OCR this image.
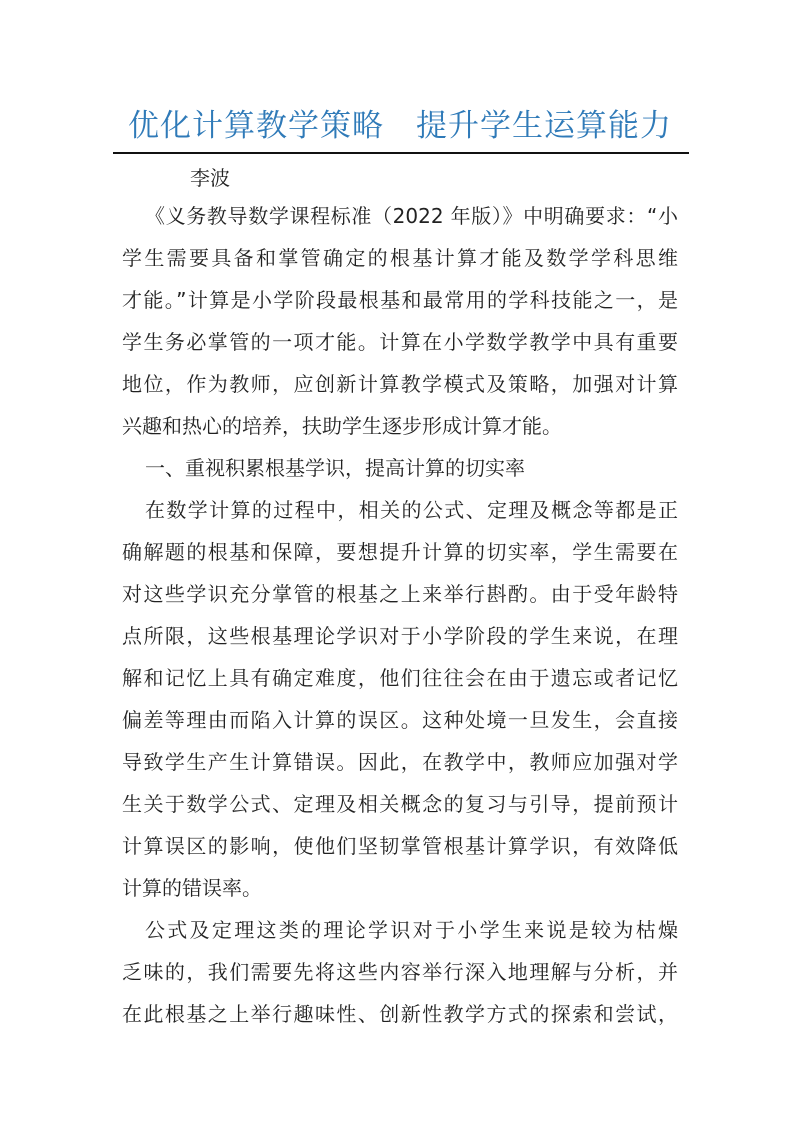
优化计算教学策略　提升学生运算能力
李波
《义务教导数学课程标准（2022 年版）》中明确要求：“小
学生需要具备和掌管确定的根基计算才能及数学学科思维
才能。”计算是小学阶段最根基和最常用的学科技能之一，是
学生务必掌管的一项才能。计算在小学数学教学中具有重要
地位，作为教师，应创新计算教学模式及策略，加强对计算
兴趣和热心的培养，扶助学生逐步形成计算才能。
一、重视积累根基学识，提高计算的切实率
在数学计算的过程中，相关的公式、定理及概念等都是正
确解题的根基和保障，要想提升计算的切实率，学生需要在
对这些学识充分掌管的根基之上来举行斟酌。由于受年龄特
点所限，这些根基理论学识对于小学阶段的学生来说，在理
解和记忆上具有确定难度，他们往往会在由于遗忘或者记忆
偏差等理由而陷入计算的误区。这种处境一旦发生，会直接
导致学生产生计算错误。因此，在教学中，教师应加强对学
生关于数学公式、定理及相关概念的复习与引导，提前预计
计算误区的影响，使他们坚韧掌管根基计算学识，有效降低
计算的错误率。
公式及定理这类的理论学识对于小学生来说是较为枯燥
乏味的，我们需要先将这些内容举行深入地理解与分析，并
在此根基之上举行趣味性、创新性教学方式的探索和尝试，
